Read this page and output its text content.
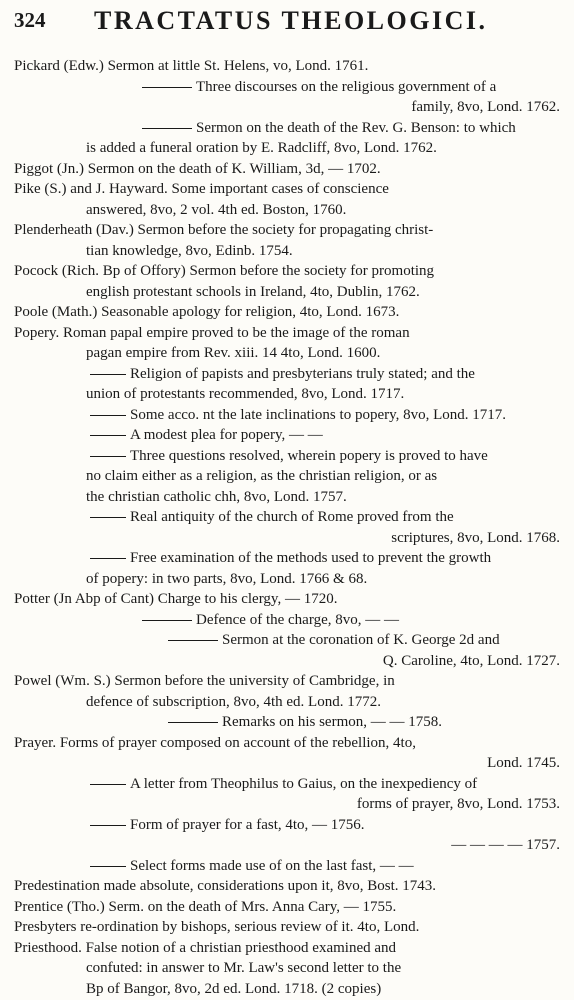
324 TRACTATUS THEOLOGICI.
Pickard (Edw.) Sermon at little St. Helens, vo, Lond. 1761.
Three discourses on the religious government of a
family, 8vo, Lond. 1762.
Sermon on the death of the Rev. G. Benson: to which
is added a funeral oration by E. Radcliff, 8vo, Lond. 1762.
Piggot (Jn.) Sermon on the death of K. William, 3d, — 1702.
Pike (S.) and J. Hayward. Some important cases of conscience
answered, 8vo, 2 vol. 4th ed. Boston, 1760.
Plenderheath (Dav.) Sermon before the society for propagating christ-
tian knowledge, 8vo, Edinb. 1754.
Pocock (Rich. Bp of Offory) Sermon before the society for promoting
english protestant schools in Ireland, 4to, Dublin, 1762.
Poole (Math.) Seasonable apology for religion, 4to, Lond. 1673.
Popery. Roman papal empire proved to be the image of the roman
pagan empire from Rev. xiii. 14 4to, Lond. 1600.
Religion of papists and presbyterians truly stated; and the
union of protestants recommended, 8vo, Lond. 1717.
Some acco. nt the late inclinations to popery, 8vo, Lond. 1717.
A modest plea for popery, — —
Three questions resolved, wherein popery is proved to have
no claim either as a religion, as the christian religion, or as
the christian catholic chh, 8vo, Lond. 1757.
Real antiquity of the church of Rome proved from the
scriptures, 8vo, Lond. 1768.
Free examination of the methods used to prevent the growth
of popery: in two parts, 8vo, Lond. 1766 & 68.
Potter (Jn Abp of Cant) Charge to his clergy, — 1720.
Defence of the charge, 8vo, — —
Sermon at the coronation of K. George 2d and
Q. Caroline, 4to, Lond. 1727.
Powel (Wm. S.) Sermon before the university of Cambridge, in
defence of subscription, 8vo, 4th ed. Lond. 1772.
Remarks on his sermon, — — 1758.
Prayer. Forms of prayer composed on account of the rebellion, 4to,
Lond. 1745.
A letter from Theophilus to Gaius, on the inexpediency of
forms of prayer, 8vo, Lond. 1753.
Form of prayer for a fast, 4to, — 1756.
— — — — 1757.
Select forms made use of on the last fast, — —
Predestination made absolute, considerations upon it, 8vo, Bost. 1743.
Prentice (Tho.) Serm. on the death of Mrs. Anna Cary, — 1755.
Presbyters re-ordination by bishops, serious review of it. 4to, Lond.
Priesthood. False notion of a christian priesthood examined and
confuted: in answer to Mr. Law's second letter to the
Bp of Bangor, 8vo, 2d ed. Lond. 1718. (2 copies)
